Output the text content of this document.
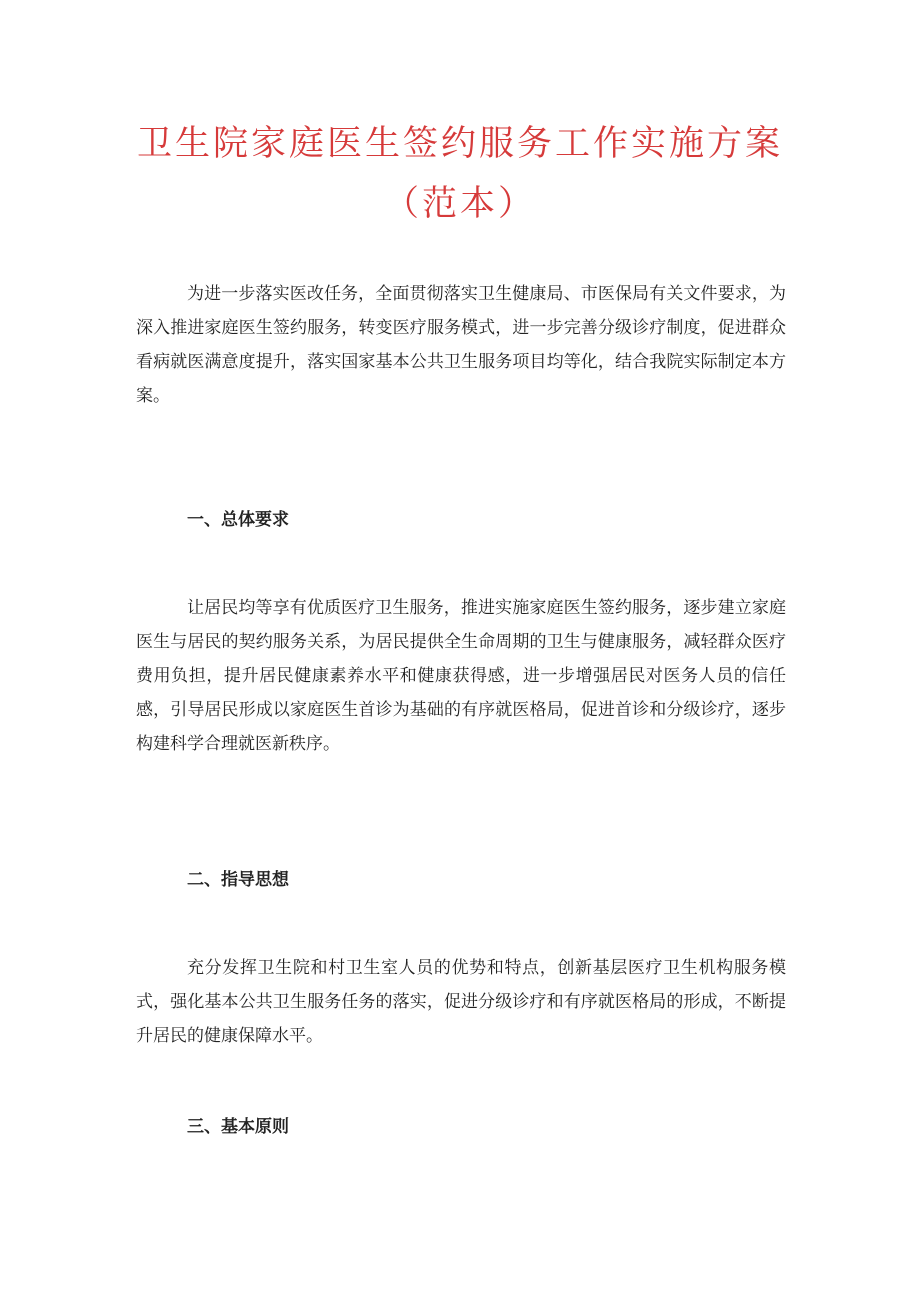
卫生院家庭医生签约服务工作实施方案
（范本）

为进一步落实医改任务，全面贯彻落实卫生健康局、市医保局有关文件要求，为深入推进家庭医生签约服务，转变医疗服务模式，进一步完善分级诊疗制度，促进群众看病就医满意度提升，落实国家基本公共卫生服务项目均等化，结合我院实际制定本方案。

一、总体要求

让居民均等享有优质医疗卫生服务，推进实施家庭医生签约服务，逐步建立家庭医生与居民的契约服务关系，为居民提供全生命周期的卫生与健康服务，减轻群众医疗费用负担，提升居民健康素养水平和健康获得感，进一步增强居民对医务人员的信任感，引导居民形成以家庭医生首诊为基础的有序就医格局，促进首诊和分级诊疗，逐步构建科学合理就医新秩序。

二、指导思想

充分发挥卫生院和村卫生室人员的优势和特点，创新基层医疗卫生机构服务模式，强化基本公共卫生服务任务的落实，促进分级诊疗和有序就医格局的形成，不断提升居民的健康保障水平。

三、基本原则
